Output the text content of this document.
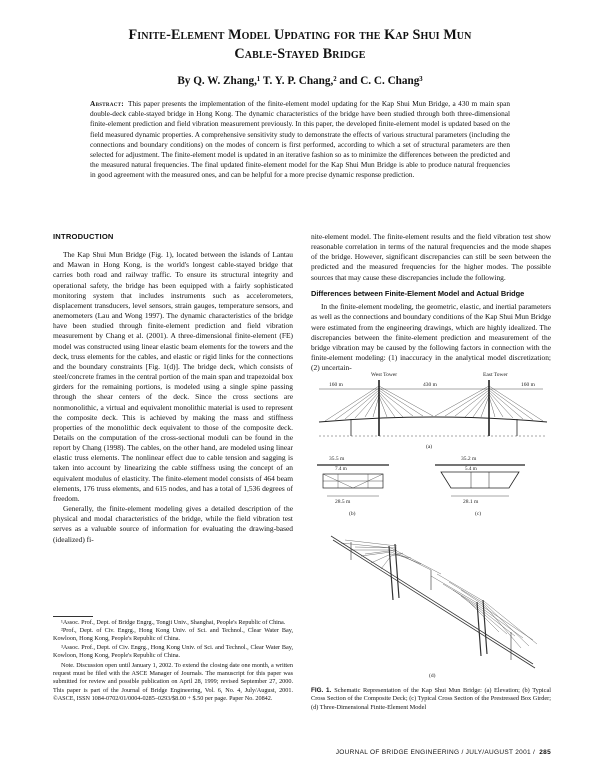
Finite-Element Model Updating for the Kap Shui Mun
Cable-Stayed Bridge
By Q. W. Zhang,¹ T. Y. P. Chang,² and C. C. Chang³
Abstract: This paper presents the implementation of the finite-element model updating for the Kap Shui Mun Bridge, a 430 m main span double-deck cable-stayed bridge in Hong Kong. The dynamic characteristics of the bridge have been studied through both three-dimensional finite-element prediction and field vibration measurement previously. In this paper, the developed finite-element model is updated based on the field measured dynamic properties. A comprehensive sensitivity study to demonstrate the effects of various structural parameters (including the connections and boundary conditions) on the modes of concern is first performed, according to which a set of structural parameters are then selected for adjustment. The finite-element model is updated in an iterative fashion so as to minimize the differences between the predicted and the measured natural frequencies. The final updated finite-element model for the Kap Shui Mun Bridge is able to produce natural frequencies in good agreement with the measured ones, and can be helpful for a more precise dynamic response prediction.
INTRODUCTION

The Kap Shui Mun Bridge (Fig. 1), located between the islands of Lantau and Mawan in Hong Kong, is the world's longest cable-stayed bridge that carries both road and railway traffic. To ensure its structural integrity and operational safety, the bridge has been equipped with a fairly sophisticated monitoring system that includes instruments such as accelerometers, displacement transducers, level sensors, strain gauges, temperature sensors, and anemometers (Lau and Wong 1997). The dynamic characteristics of the bridge have been studied through finite-element prediction and field vibration measurement by Chang et al. (2001). A three-dimensional finite-element (FE) model was constructed using linear elastic beam elements for the towers and the deck, truss elements for the cables, and elastic or rigid links for the connections and the boundary constraints [Fig. 1(d)]. The bridge deck, which consists of steel/concrete frames in the central portion of the main span and trapezoidal box girders for the remaining portions, is modeled using a single spine passing through the shear centers of the deck. Since the cross sections are nonmonolithic, a virtual and equivalent monolithic material is used to represent the composite deck. This is achieved by making the mass and stiffness properties of the monolithic deck equivalent to those of the composite deck. Details on the computation of the cross-sectional moduli can be found in the report by Chang (1998). The cables, on the other hand, are modeled using linear elastic truss elements. The nonlinear effect due to cable tension and sagging is taken into account by linearizing the cable stiffness using the concept of an equivalent modulus of elasticity. The finite-element model consists of 464 beam elements, 176 truss elements, and 615 nodes, and has a total of 1,536 degrees of freedom.

Generally, the finite-element modeling gives a detailed description of the physical and modal characteristics of the bridge, while the field vibration test serves as a valuable source of information for evaluating the drawing-based (idealized) fi-

¹Assoc. Prof., Dept. of Bridge Engrg., Tongji Univ., Shanghai, People's Republic of China.

²Prof., Dept. of Civ. Engrg., Hong Kong Univ. of Sci. and Technol., Clear Water Bay, Kowloon, Hong Kong, People's Republic of China.

³Assoc. Prof., Dept. of Civ. Engrg., Hong Kong Univ. of Sci. and Technol., Clear Water Bay, Kowloon, Hong Kong, People's Republic of China.

Note. Discussion open until January 1, 2002. To extend the closing date one month, a written request must be filed with the ASCE Manager of Journals. The manuscript for this paper was submitted for review and possible publication on April 28, 1999; revised September 27, 2000. This paper is part of the Journal of Bridge Engineering, Vol. 6, No. 4, July/August, 2001. ©ASCE, ISSN 1084-0702/01/0004-0285–0293/$8.00 + $.50 per page. Paper No. 20842.

nite-element model. The finite-element results and the field vibration test show reasonable correlation in terms of the natural frequencies and the mode shapes of the bridge. However, significant discrepancies can still be seen between the predicted and the measured frequencies for the higher modes. The possible sources that may cause these discrepancies include the following.

Differences between Finite-Element Model and Actual Bridge

In the finite-element modeling, the geometric, elastic, and inertial parameters as well as the connections and boundary conditions of the Kap Shui Mun Bridge were estimated from the engineering drawings, which are highly idealized. The discrepancies between the finite-element prediction and measurement of the bridge vibration may be caused by the following factors in connection with the finite-element modeling: (1) inaccuracy in the analytical model discretization; (2) uncertain-

West Tower	East Tower
160 m	430 m	160 m
(a)
35.5 m
7.4 m
28.5 m
(b)
35.2 m
5.4 m
28.1 m
(c)
(d)
FIG. 1. Schematic Representation of the Kap Shui Mun Bridge: (a) Elevation; (b) Typical Cross Section of the Composite Deck; (c) Typical Cross Section of the Prestressed Box Girder; (d) Three-Dimensional Finite-Element Model
JOURNAL OF BRIDGE ENGINEERING / JULY/AUGUST 2001 / 285
